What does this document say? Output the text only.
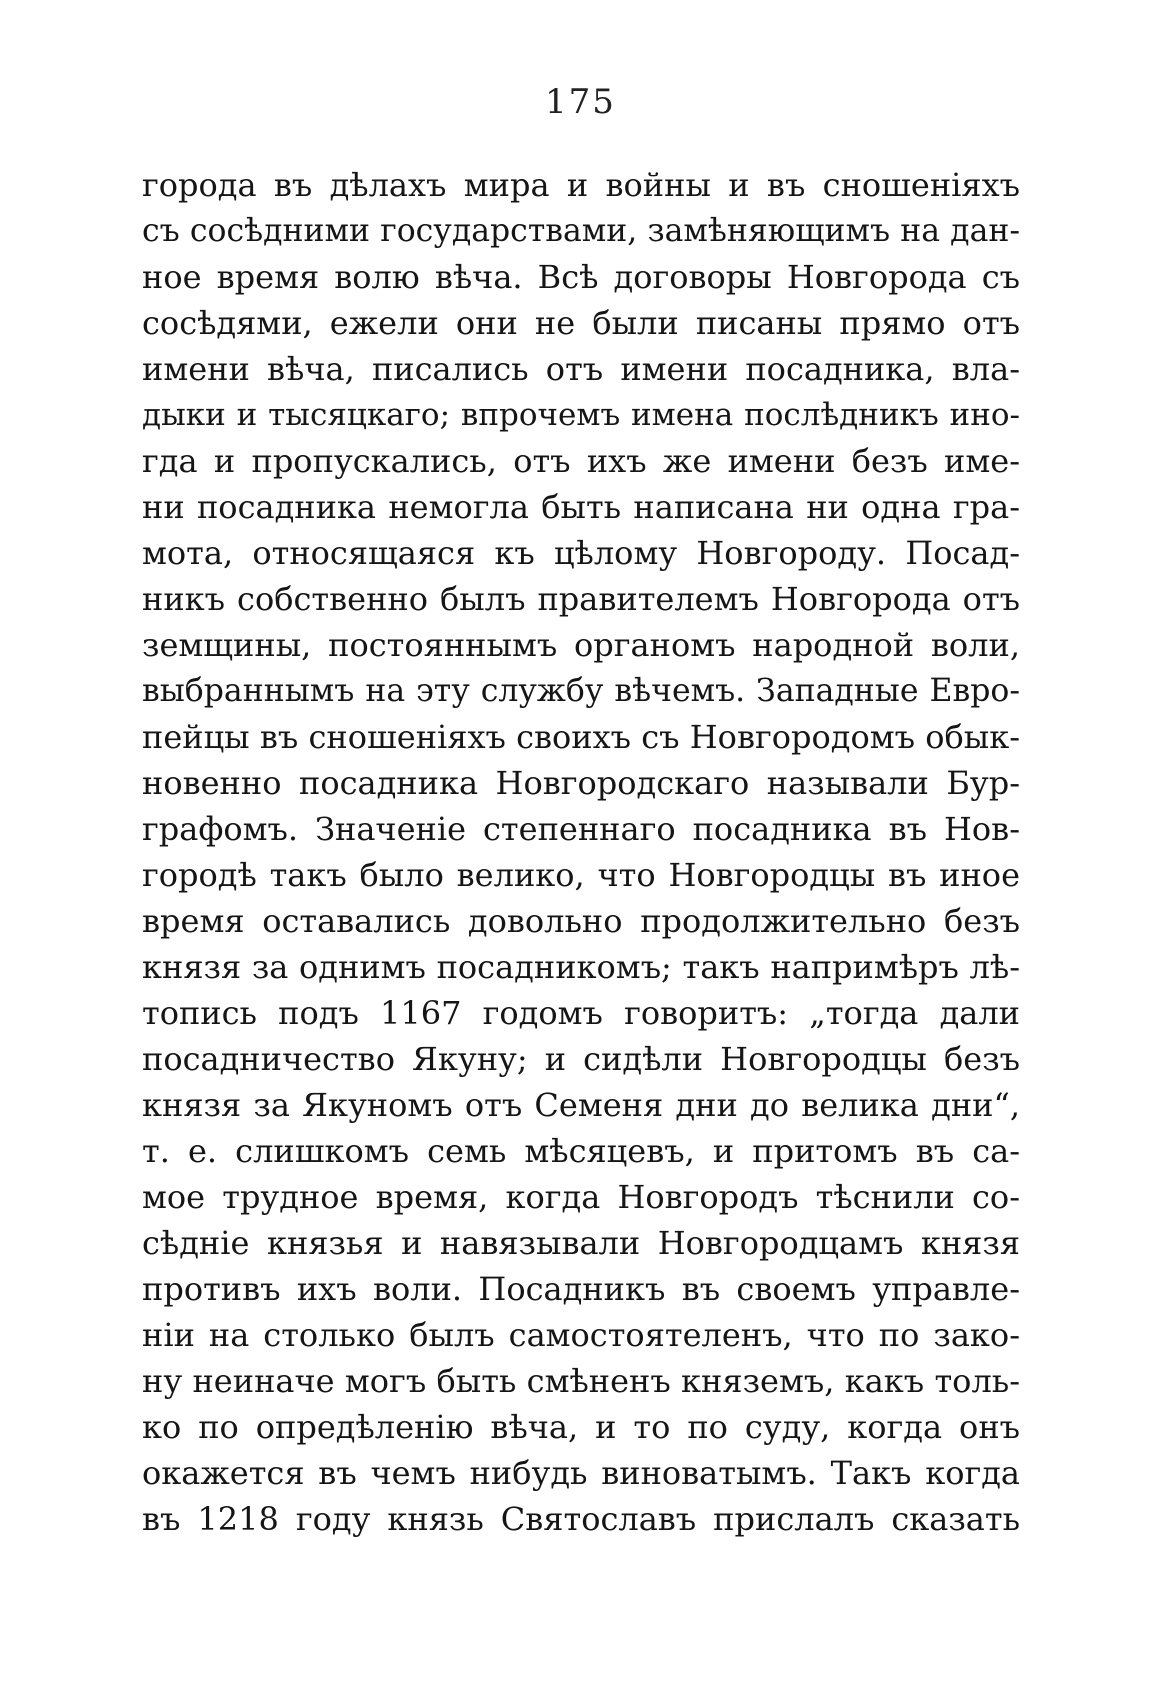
175
города въ дѣлахъ мира и войны и въ сношеніяхъ
съ сосѣдними государствами, замѣняющимъ на дан-
ное время волю вѣча. Всѣ договоры Новгорода съ
сосѣдями, ежели они не были писаны прямо отъ
имени вѣча, писались отъ имени посадника, вла-
дыки и тысяцкаго; впрочемъ имена послѣдникъ ино-
гда и пропускались, отъ ихъ же имени безъ име-
ни посадника немогла быть написана ни одна гра-
мота, относящаяся къ цѣлому Новгороду. Посад-
никъ собственно былъ правителемъ Новгорода отъ
земщины, постояннымъ органомъ народной воли,
выбраннымъ на эту службу вѣчемъ. Западные Евро-
пейцы въ сношеніяхъ своихъ съ Новгородомъ обык-
новенно посадника Новгородскаго называли Бур-
графомъ. Значеніе степеннаго посадника въ Нов-
городѣ такъ было велико, что Новгородцы въ иное
время оставались довольно продолжительно безъ
князя за однимъ посадникомъ; такъ напримѣръ лѣ-
топись подъ 1167 годомъ говоритъ: „тогда дали
посадничество Якуну; и сидѣли Новгородцы безъ
князя за Якуномъ отъ Семеня дни до велика дни“,
т. е. слишкомъ семь мѣсяцевъ, и притомъ въ са-
мое трудное время, когда Новгородъ тѣснили со-
сѣдніе князья и навязывали Новгородцамъ князя
противъ ихъ воли. Посадникъ въ своемъ управле-
ніи на столько былъ самостоятеленъ, что по зако-
ну неиначе могъ быть смѣненъ княземъ, какъ толь-
ко по опредѣленію вѣча, и то по суду, когда онъ
окажется въ чемъ нибудь виноватымъ. Такъ когда
въ 1218 году князь Святославъ прислалъ сказать
